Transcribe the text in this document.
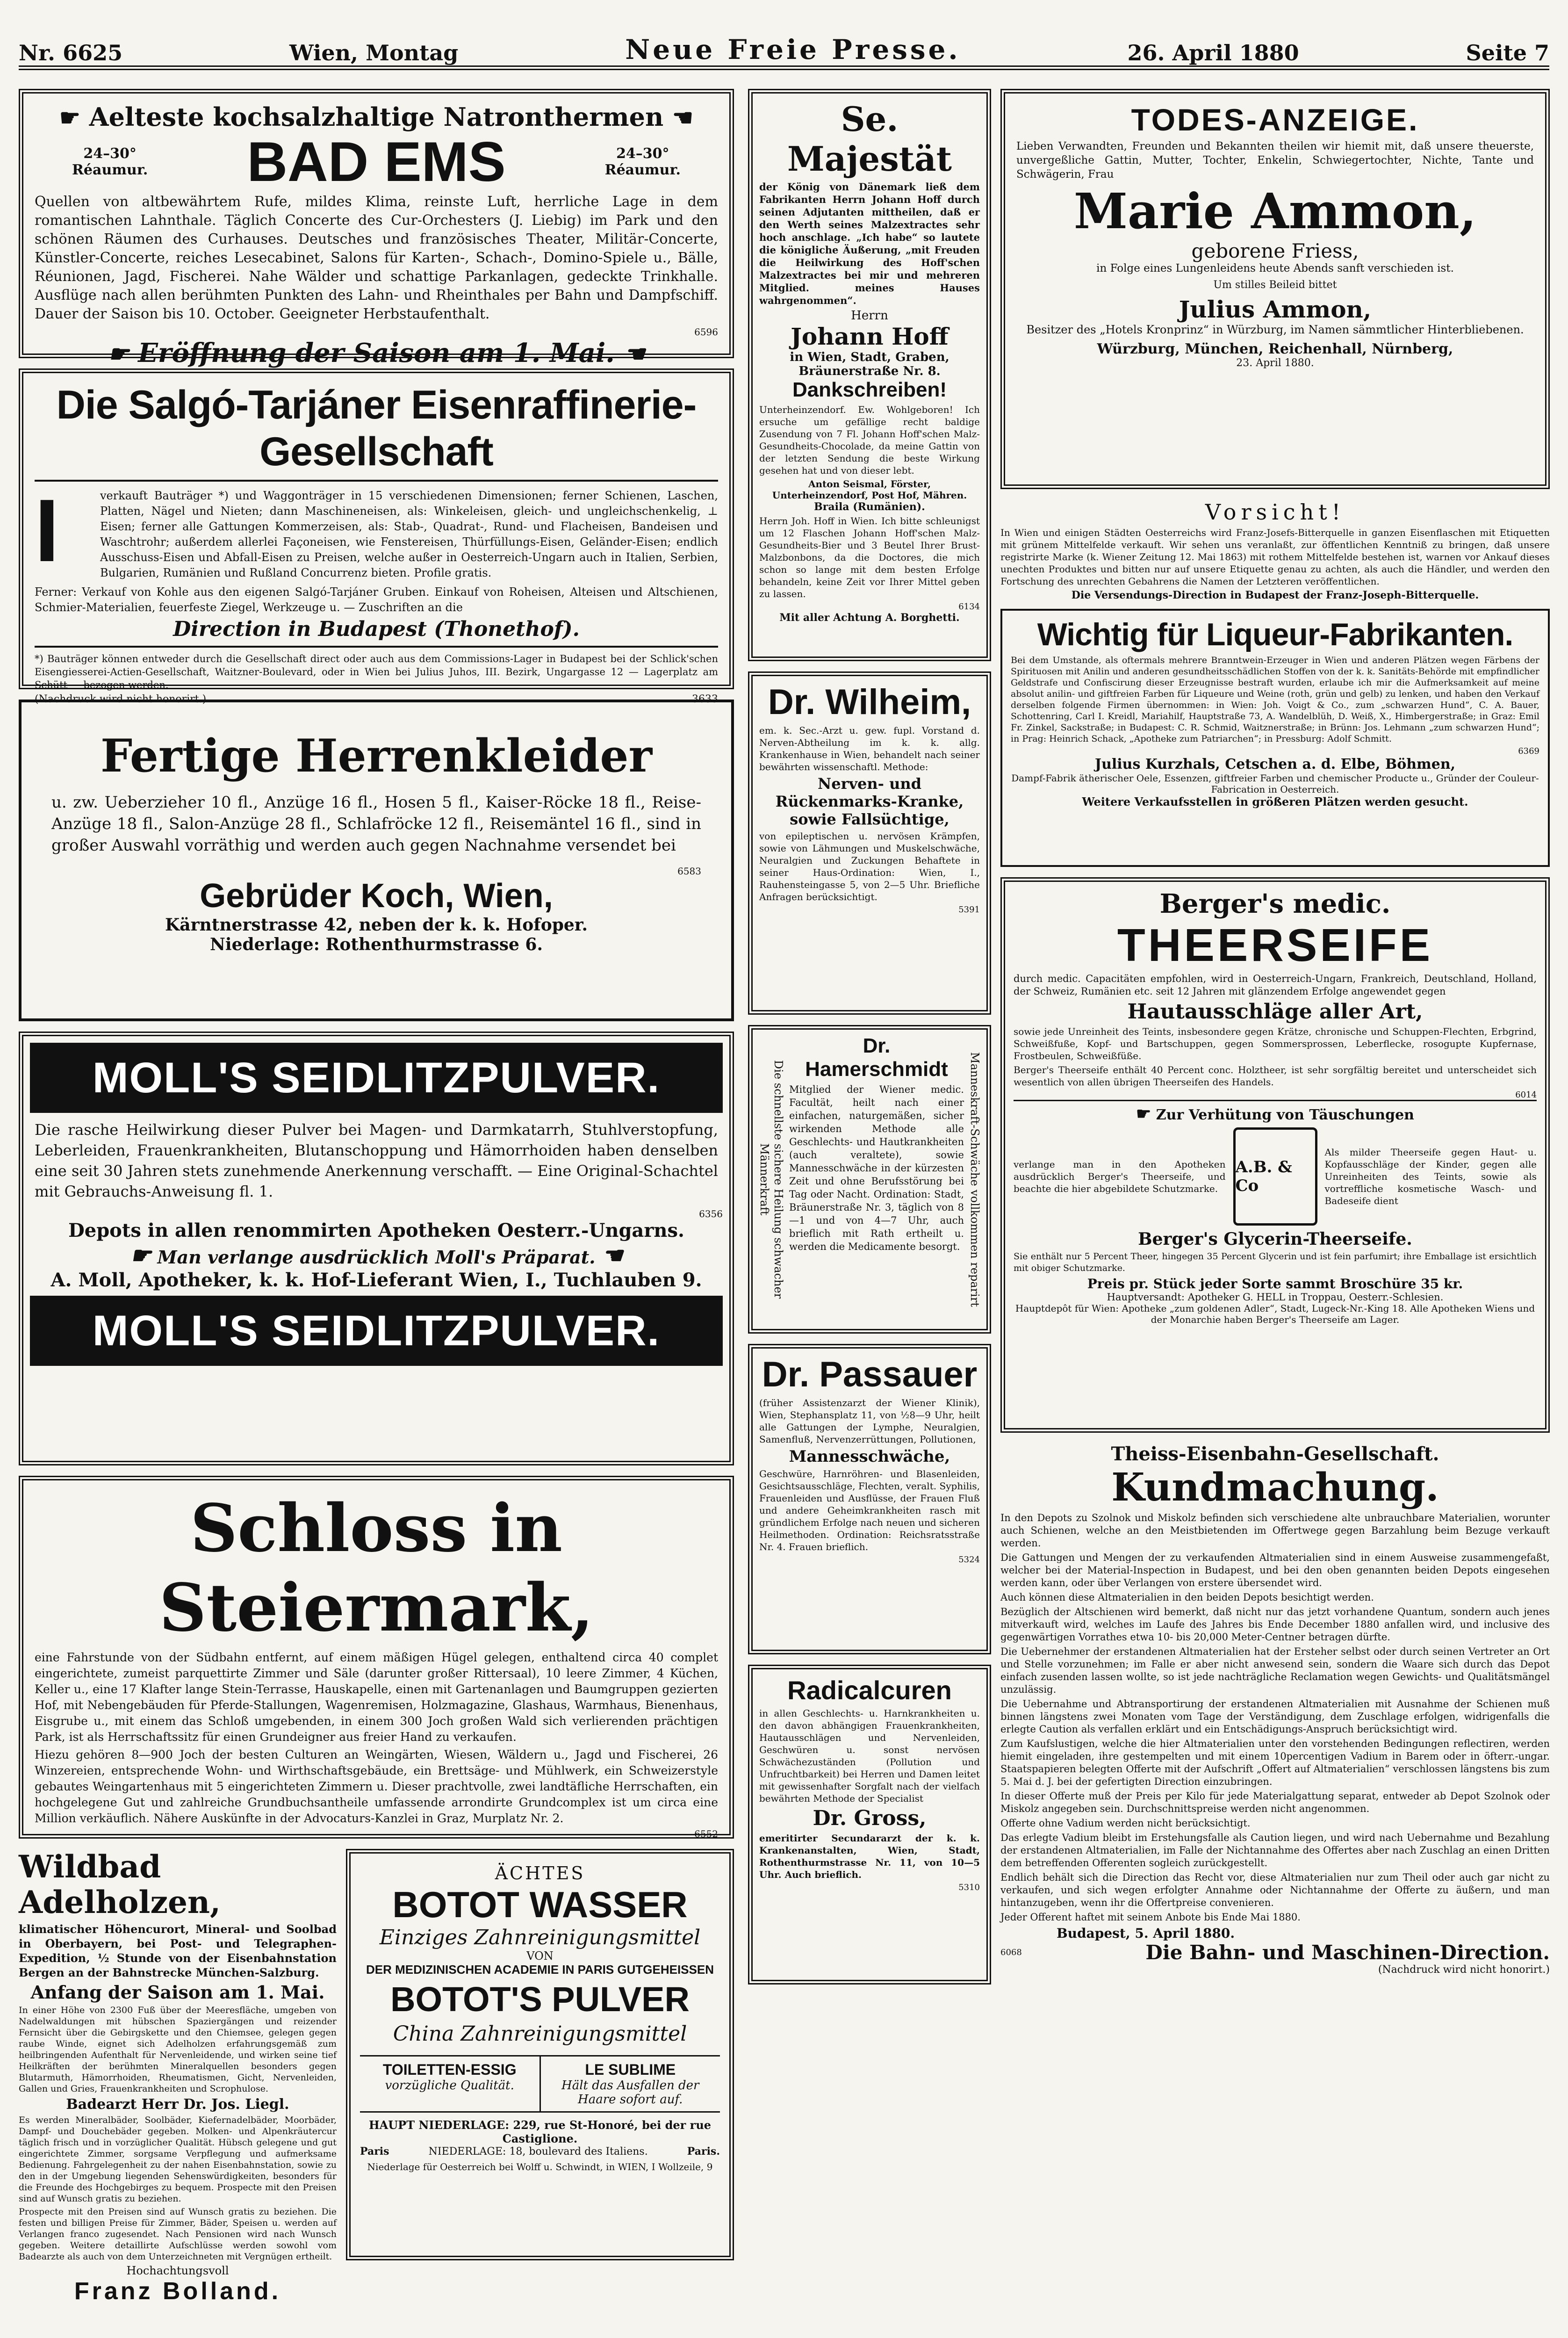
Nr. 6625	Wien, Montag	Neue Freie Presse.	26. April 1880	Seite 7
☛ Aelteste kochsalzhaltige Natronthermen ☚
24–30°
Réaumur. BAD EMS	24–30°
Réaumur.

Quellen von altbewährtem Rufe, mildes Klima, reinste Luft, herrliche Lage in dem romantischen Lahnthale. Täglich Concerte des Cur-Orchesters (J. Liebig) im Park und den schönen Räumen des Curhauses. Deutsches und französisches Theater, Militär-Concerte, Künstler-Concerte, reiches Lesecabinet, Salons für Karten-, Schach-, Domino-Spiele u., Bälle, Réunionen, Jagd, Fischerei. Nahe Wälder und schattige Parkanlagen, gedeckte Trinkhalle. Ausflüge nach allen berühmten Punkten des Lahn- und Rheinthales per Bahn und Dampfschiff. Dauer der Saison bis 10. October. Geeigneter Herbstaufenthalt.

6596
☛ Eröffnung der Saison am 1. Mai. ☚
Die Salgó-Tarjáner Eisenraffinerie-Gesellschaft
I	verkauft Bauträger *) und Waggonträger in 15 verschiedenen Dimensionen; ferner Schienen, Laschen, Platten, Nägel und Nieten; dann Maschineneisen, als: Winkeleisen, gleich- und ungleichschenkelig, ⊥ Eisen; ferner alle Gattungen Kommerzeisen, als: Stab-, Quadrat-, Rund- und Flacheisen, Bandeisen und Waschtrohr; außerdem allerlei Façoneisen, wie Fenstereisen, Thürfüllungs-Eisen, Geländer-Eisen; endlich Ausschuss-Eisen und Abfall-Eisen zu Preisen, welche außer in Oesterreich-Ungarn auch in Italien, Serbien, Bulgarien, Rumänien und Rußland Concurrenz bieten. Profile gratis.

Ferner: Verkauf von Kohle aus den eigenen Salgó-Tarjáner Gruben. Einkauf von Roheisen, Alteisen und Altschienen, Schmier-Materialien, feuerfeste Ziegel, Werkzeuge u. — Zuschriften an die

Direction in Budapest (Thonethof).

*) Bauträger können entweder durch die Gesellschaft direct oder auch aus dem Commissions-Lager in Budapest bei der Schlick'schen Eisengiesserei-Actien-Gesellschaft, Waitzner-Boulevard, oder in Wien bei Julius Juhos, III. Bezirk, Ungargasse 12 — Lagerplatz am Schütt — bezogen werden.

(Nachdruck wird nicht honorirt.)	3633
Fertige Herrenkleider

u. zw. Ueberzieher 10 fl., Anzüge 16 fl., Hosen 5 fl., Kaiser-Röcke 18 fl., Reise-Anzüge 18 fl., Salon-Anzüge 28 fl., Schlafröcke 12 fl., Reisemäntel 16 fl., sind in großer Auswahl vorräthig und werden auch gegen Nachnahme versendet bei

6583
Gebrüder Koch, Wien,
Kärntnerstrasse 42, neben der k. k. Hofoper.
Niederlage: Rothenthurmstrasse 6.
MOLL'S SEIDLITZPULVER.

Die rasche Heilwirkung dieser Pulver bei Magen- und Darmkatarrh, Stuhlverstopfung, Leberleiden, Frauenkrankheiten, Blutanschoppung und Hämorrhoiden haben denselben eine seit 30 Jahren stets zunehmende Anerkennung verschafft. — Eine Original-Schachtel mit Gebrauchs-Anweisung fl. 1.

6356
Depots in allen renommirten Apotheken Oesterr.-Ungarns.
☛ Man verlange ausdrücklich Moll's Präparat. ☚
A. Moll, Apotheker, k. k. Hof-Lieferant Wien, I., Tuchlauben 9.
MOLL'S SEIDLITZPULVER.
Schloss in Steiermark,

eine Fahrstunde von der Südbahn entfernt, auf einem mäßigen Hügel gelegen, enthaltend circa 40 complet eingerichtete, zumeist parquettirte Zimmer und Säle (darunter großer Rittersaal), 10 leere Zimmer, 4 Küchen, Keller u., eine 17 Klafter lange Stein-Terrasse, Hauskapelle, einen mit Gartenanlagen und Baumgruppen gezierten Hof, mit Nebengebäuden für Pferde-Stallungen, Wagenremisen, Holzmagazine, Glashaus, Warmhaus, Bienenhaus, Eisgrube u., mit einem das Schloß umgebenden, in einem 300 Joch großen Wald sich verlierenden prächtigen Park, ist als Herrschaftssitz für einen Grundeigner aus freier Hand zu verkaufen.

Hiezu gehören 8—900 Joch der besten Culturen an Weingärten, Wiesen, Wäldern u., Jagd und Fischerei, 26 Winzereien, entsprechende Wohn- und Wirthschaftsgebäude, ein Brettsäge- und Mühlwerk, ein Schweizerstyle gebautes Weingartenhaus mit 5 eingerichteten Zimmern u. Dieser prachtvolle, zwei landtäfliche Herrschaften, ein hochgelegene Gut und zahlreiche Grundbuchsantheile umfassende arrondirte Grundcomplex ist um circa eine Million verkäuflich. Nähere Auskünfte in der Advocaturs-Kanzlei in Graz, Murplatz Nr. 2.

6552
Wildbad Adelholzen,

klimatischer Höhencurort, Mineral- und Soolbad in Oberbayern, bei Post- und Telegraphen-Expedition, ½ Stunde von der Eisenbahnstation Bergen an der Bahnstrecke München-Salzburg.

Anfang der Saison am 1. Mai.

In einer Höhe von 2300 Fuß über der Meeresfläche, umgeben von Nadelwaldungen mit hübschen Spaziergängen und reizender Fernsicht über die Gebirgskette und den Chiemsee, gelegen gegen raube Winde, eignet sich Adelholzen erfahrungsgemäß zum heilbringenden Aufenthalt für Nervenleidende, und wirken seine tief Heilkräften der berühmten Mineralquellen besonders gegen Blutarmuth, Hämorrhoiden, Rheumatismen, Gicht, Nervenleiden, Gallen und Gries, Frauenkrankheiten und Scrophulose.

Badearzt Herr Dr. Jos. Liegl.

Es werden Mineralbäder, Soolbäder, Kiefernadelbäder, Moorbäder, Dampf- und Douchebäder gegeben. Molken- und Alpenkräutercur täglich frisch und in vorzüglicher Qualität. Hübsch gelegene und gut eingerichtete Zimmer, sorgsame Verpflegung und aufmerksame Bedienung. Fahrgelegenheit zu der nahen Eisenbahnstation, sowie zu den in der Umgebung liegenden Sehenswürdigkeiten, besonders für die Freunde des Hochgebirges zu bequem. Prospecte mit den Preisen sind auf Wunsch gratis zu beziehen.

Prospecte mit den Preisen sind auf Wunsch gratis zu beziehen. Die festen und billigen Preise für Zimmer, Bäder, Speisen u. werden auf Verlangen franco zugesendet. Nach Pensionen wird nach Wunsch gegeben. Weitere detaillirte Aufschlüsse werden sowohl vom Badearzte als auch von dem Unterzeichneten mit Vergnügen ertheilt.

Hochachtungsvoll
Franz Bolland.
ÄCHTES
BOTOT WASSER
Einziges Zahnreinigungsmittel
VON
DER MEDIZINISCHEN ACADEMIE IN PARIS GUTGEHEISSEN
BOTOT'S PULVER
China Zahnreinigungsmittel
TOILETTEN-ESSIG
vorzügliche Qualität.
LE SUBLIME
Hält das Ausfallen der Haare sofort auf.
HAUPT NIEDERLAGE: 229, rue St-Honoré, bei der rue Castiglione.
Paris	NIEDERLAGE: 18, boulevard des Italiens.	Paris.
Niederlage für Oesterreich bei Wolff u. Schwindt, in WIEN, I Wollzeile, 9
Se. Majestät

der König von Dänemark ließ dem Fabrikanten Herrn Johann Hoff durch seinen Adjutanten mittheilen, daß er den Werth seines Malzextractes sehr hoch anschlage. „Ich habe“ so lautete die königliche Äußerung, „mit Freuden die Heilwirkung des Hoff'schen Malzextractes bei mir und mehreren Mitglied. meines Hauses wahrgenommen“.

Herrn
Johann Hoff
in Wien, Stadt, Graben, Bräunerstraße Nr. 8.
Dankschreiben!

Unterheinzendorf. Ew. Wohlgeboren! Ich ersuche um gefällige recht baldige Zusendung von 7 Fl. Johann Hoff'schen Malz-Gesundheits-Chocolade, da meine Gattin von der letzten Sendung die beste Wirkung gesehen hat und von dieser lebt.

Anton Seismal, Förster, Unterheinzendorf, Post Hof, Mähren.
Braila (Rumänien).

Herrn Joh. Hoff in Wien. Ich bitte schleunigst um 12 Flaschen Johann Hoff'schen Malz-Gesundheits-Bier und 3 Beutel Ihrer Brust-Malzbonbons, da die Doctores, die mich schon so lange mit dem besten Erfolge behandeln, keine Zeit vor Ihrer Mittel geben zu lassen.

6134
Mit aller Achtung A. Borghetti.
Dr. Wilheim,

em. k. Sec.-Arzt u. gew. fupl. Vorstand d. Nerven-Abtheilung im k. k. allg. Krankenhause in Wien, behandelt nach seiner bewährten wissenschaftl. Methode:

Nerven- und Rückenmarks-Kranke, sowie Fallsüchtige,

von epileptischen u. nervösen Krämpfen, sowie von Lähmungen und Muskelschwäche, Neuralgien und Zuckungen Behaftete in seiner Haus-Ordination: Wien, I., Rauhensteingasse 5, von 2—5 Uhr. Briefliche Anfragen berücksichtigt.

5391
Die schnellste sichere Heilung schwacher Männerkraft
Dr. Hamerschmidt

Mitglied der Wiener medic. Facultät, heilt nach einer einfachen, naturgemäßen, sicher wirkenden Methode alle Geschlechts- und Hautkrankheiten (auch veraltete), sowie Mannesschwäche in der kürzesten Zeit und ohne Berufsstörung bei Tag oder Nacht. Ordination: Stadt, Bräunerstraße Nr. 3, täglich von 8—1 und von 4—7 Uhr, auch brieflich mit Rath ertheilt u. werden die Medicamente besorgt. Manneskraft-Schwäche vollkommen reparirt
Dr. Passauer

(früher Assistenzarzt der Wiener Klinik), Wien, Stephansplatz 11, von ½8—9 Uhr, heilt alle Gattungen der Lymphe, Neuralgien, Samenfluß, Nervenzerrüttungen, Pollutionen,

Mannesschwäche,

Geschwüre, Harnröhren- und Blasenleiden, Gesichtsausschläge, Flechten, veralt. Syphilis, Frauenleiden und Ausflüsse, der Frauen Fluß und andere Geheimkrankheiten rasch mit gründlichem Erfolge nach neuen und sicheren Heilmethoden. Ordination: Reichsratsstraße Nr. 4. Frauen brieflich.

5324
Radicalcuren

in allen Geschlechts- u. Harnkrankheiten u. den davon abhängigen Frauenkrankheiten, Hautausschlägen und Nervenleiden, Geschwüren u. sonst nervösen Schwächezuständen (Pollution und Unfruchtbarkeit) bei Herren und Damen leitet mit gewissenhafter Sorgfalt nach der vielfach bewährten Methode der Specialist

Dr. Gross,

emeritirter Secundararzt der k. k. Krankenanstalten, Wien, Stadt, Rothenthurmstrasse Nr. 11, von 10—5 Uhr. Auch brieflich.

5310
TODES-ANZEIGE.

Lieben Verwandten, Freunden und Bekannten theilen wir hiemit mit, daß unsere theuerste, unvergeßliche Gattin, Mutter, Tochter, Enkelin, Schwiegertochter, Nichte, Tante und Schwägerin, Frau

Marie Ammon,
geborene Friess,
in Folge eines Lungenleidens heute Abends sanft verschieden ist.
Um stilles Beileid bittet
Julius Ammon,
Besitzer des „Hotels Kronprinz“ in Würzburg, im Namen sämmtlicher Hinterbliebenen.
Würzburg, München, Reichenhall, Nürnberg,
23. April 1880.
Vorsicht!

In Wien und einigen Städten Oesterreichs wird Franz-Josefs-Bitterquelle in ganzen Eisenflaschen mit Etiquetten mit grünem Mittelfelde verkauft. Wir sehen uns veranlaßt, zur öffentlichen Kenntniß zu bringen, daß unsere registrirte Marke (k. Wiener Zeitung 12. Mai 1863) mit rothem Mittelfelde bestehen ist, warnen vor Ankauf dieses unechten Produktes und bitten nur auf unsere Etiquette genau zu achten, als auch die Händler, und werden den Fortschung des unrechten Gebahrens die Namen der Letzteren veröffentlichen.

Die Versendungs-Direction in Budapest der Franz-Joseph-Bitterquelle.
Wichtig für Liqueur-Fabrikanten.

Bei dem Umstande, als oftermals mehrere Branntwein-Erzeuger in Wien und anderen Plätzen wegen Färbens der Spirituosen mit Anilin und anderen gesundheitsschädlichen Stoffen von der k. k. Sanitäts-Behörde mit empfindlicher Geldstrafe und Confiscirung dieser Erzeugnisse bestraft wurden, erlaube ich mir die Aufmerksamkeit auf meine absolut anilin- und giftfreien Farben für Liqueure und Weine (roth, grün und gelb) zu lenken, und haben den Verkauf derselben folgende Firmen übernommen: in Wien: Joh. Voigt & Co., zum „schwarzen Hund“, C. A. Bauer, Schottenring, Carl I. Kreidl, Mariahilf, Hauptstraße 73, A. Wandelblüh, D. Weiß, X., Himbergerstraße; in Graz: Emil Fr. Zinkel, Sackstraße; in Budapest: C. R. Schmid, Waitznerstraße; in Brünn: Jos. Lehmann „zum schwarzen Hund“; in Prag: Heinrich Schack, „Apotheke zum Patriarchen“; in Pressburg: Adolf Schmitt.

6369
Julius Kurzhals, Cetschen a. d. Elbe, Böhmen,
Dampf-Fabrik ätherischer Oele, Essenzen, giftfreier Farben und chemischer Producte u., Gründer der Couleur-Fabrication in Oesterreich.
Weitere Verkaufsstellen in größeren Plätzen werden gesucht.
Berger's medic.
THEERSEIFE

durch medic. Capacitäten empfohlen, wird in Oesterreich-Ungarn, Frankreich, Deutschland, Holland, der Schweiz, Rumänien etc. seit 12 Jahren mit glänzendem Erfolge angewendet gegen

Hautausschläge aller Art,

sowie jede Unreinheit des Teints, insbesondere gegen Krätze, chronische und Schuppen-Flechten, Erbgrind, Schweißfuße, Kopf- und Bartschuppen, gegen Sommersprossen, Leberflecke, rosogupte Kupfernase, Frostbeulen, Schweißfüße.

Berger's Theerseife enthält 40 Percent conc. Holztheer, ist sehr sorgfältig bereitet und unterscheidet sich wesentlich von allen übrigen Theerseifen des Handels.

6014
☛ Zur Verhütung von Täuschungen

verlange man in den Apotheken ausdrücklich Berger's Theerseife, und beachte die hier abgebildete Schutzmarke.

A.B. & Co

Als milder Theerseife gegen Haut- u. Kopfausschläge der Kinder, gegen alle Unreinheiten des Teints, sowie als vortreffliche kosmetische Wasch- und Badeseife dient

Berger's Glycerin-Theerseife.

Sie enthält nur 5 Percent Theer, hingegen 35 Percent Glycerin und ist fein parfumirt; ihre Emballage ist ersichtlich mit obiger Schutzmarke.

Preis pr. Stück jeder Sorte sammt Broschüre 35 kr.
Hauptversandt: Apotheker G. HELL in Troppau, Oesterr.-Schlesien.
Hauptdepôt für Wien: Apotheke „zum goldenen Adler“, Stadt, Lugeck-Nr.-King 18. Alle Apotheken Wiens und der Monarchie haben Berger's Theerseife am Lager.
Theiss-Eisenbahn-Gesellschaft.
Kundmachung.

In den Depots zu Szolnok und Miskolz befinden sich verschiedene alte unbrauchbare Materialien, worunter auch Schienen, welche an den Meistbietenden im Offertwege gegen Barzahlung beim Bezuge verkauft werden.

Die Gattungen und Mengen der zu verkaufenden Altmaterialien sind in einem Ausweise zusammengefaßt, welcher bei der Material-Inspection in Budapest, und bei den oben genannten beiden Depots eingesehen werden kann, oder über Verlangen von erstere übersendet wird.

Auch können diese Altmaterialien in den beiden Depots besichtigt werden.

Bezüglich der Altschienen wird bemerkt, daß nicht nur das jetzt vorhandene Quantum, sondern auch jenes mitverkauft wird, welches im Laufe des Jahres bis Ende December 1880 anfallen wird, und inclusive des gegenwärtigen Vorrathes etwa 10- bis 20,000 Meter-Centner betragen dürfte.

Die Uebernehmer der erstandenen Altmaterialien hat der Ersteher selbst oder durch seinen Vertreter an Ort und Stelle vorzunehmen; im Falle er aber nicht anwesend sein, sondern die Waare sich durch das Depot einfach zusenden lassen wollte, so ist jede nachträgliche Reclamation wegen Gewichts- und Qualitätsmängel unzulässig.

Die Uebernahme und Abtransportirung der erstandenen Altmaterialien mit Ausnahme der Schienen muß binnen längstens zwei Monaten vom Tage der Verständigung, dem Zuschlage erfolgen, widrigenfalls die erlegte Caution als verfallen erklärt und ein Entschädigungs-Anspruch berücksichtigt wird.

Zum Kaufslustigen, welche die hier Altmaterialien unter den vorstehenden Bedingungen reflectiren, werden hiemit eingeladen, ihre gestempelten und mit einem 10percentigen Vadium in Barem oder in öfterr.-ungar. Staatspapieren belegten Offerte mit der Aufschrift „Offert auf Altmaterialien“ verschlossen längstens bis zum 5. Mai d. J. bei der gefertigten Direction einzubringen.

In dieser Offerte muß der Preis per Kilo für jede Materialgattung separat, entweder ab Depot Szolnok oder Miskolz angegeben sein. Durchschnittspreise werden nicht angenommen.

Offerte ohne Vadium werden nicht berücksichtigt.

Das erlegte Vadium bleibt im Erstehungsfalle als Caution liegen, und wird nach Uebernahme und Bezahlung der erstandenen Altmaterialien, im Falle der Nichtannahme des Offertes aber nach Zuschlag an einen Dritten dem betreffenden Offerenten sogleich zurückgestellt.

Endlich behält sich die Direction das Recht vor, diese Altmaterialien nur zum Theil oder auch gar nicht zu verkaufen, und sich wegen erfolgter Annahme oder Nichtannahme der Offerte zu äußern, und man hintanzugeben, wenn ihr die Offertpreise convenieren.

Jeder Offerent haftet mit seinem Anbote bis Ende Mai 1880.

Budapest, 5. April 1880.
6068	Die Bahn- und Maschinen-Direction.
(Nachdruck wird nicht honorirt.)
